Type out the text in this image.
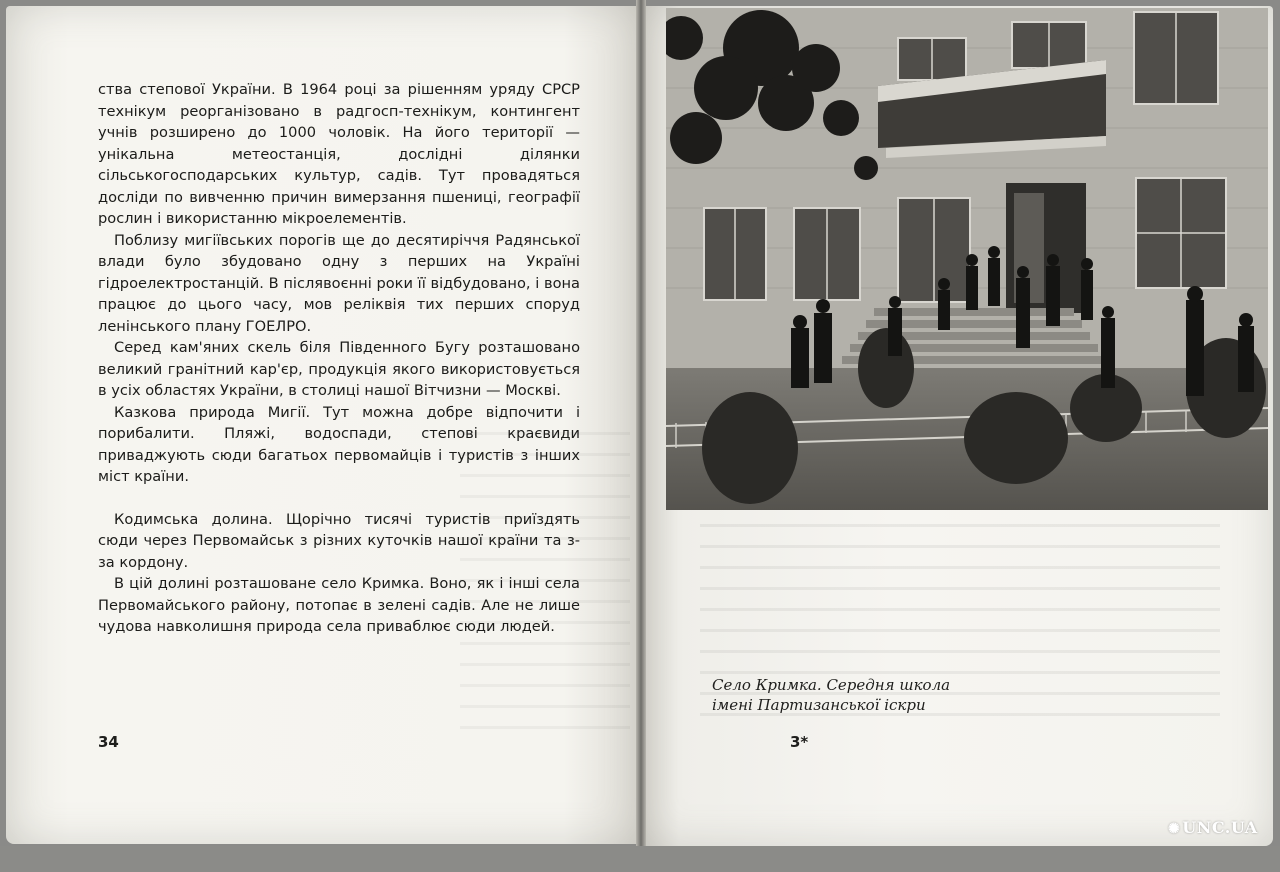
ства степової України. В 1964 році за рішенням уряду СРСР технікум реорганізовано в радгосп-технікум, контингент учнів розширено до 1000 чоловік. На його території — унікальна метеостанція, дослідні ділянки сільськогосподарських культур, садів. Тут провадяться досліди по вивченню причин вимерзання пшениці, географії рослин і використанню мікроелементів.

Поблизу мигіївських порогів ще до десятиріччя Радянської влади було збудовано одну з перших на Україні гідроелектростанцій. В післявоєнні роки її відбудовано, і вона працює до цього часу, мов реліквія тих перших споруд ленінського плану ГОЕЛРО.

Серед кам'яних скель біля Південного Бугу розташовано великий гранітний кар'єр, продукція якого використовується в усіх областях України, в столиці нашої Вітчизни — Москві.

Казкова природа Мигії. Тут можна добре відпочити і порибалити. Пляжі, водоспади, степові краєвиди приваджують сюди багатьох первомайців і туристів з інших міст країни.

Кодимська долина. Щорічно тисячі туристів приїздять сюди через Первомайськ з різних куточків нашої країни та з-за кордону.

В цій долині розташоване село Кримка. Воно, як і інші села Первомайського району, потопає в зелені садів. Але не лише чудова навколишня природа села приваблює сюди людей.

34
Село Кримка. Середня школа
імені Партизанської іскри
3*
✺ UNC.UA
